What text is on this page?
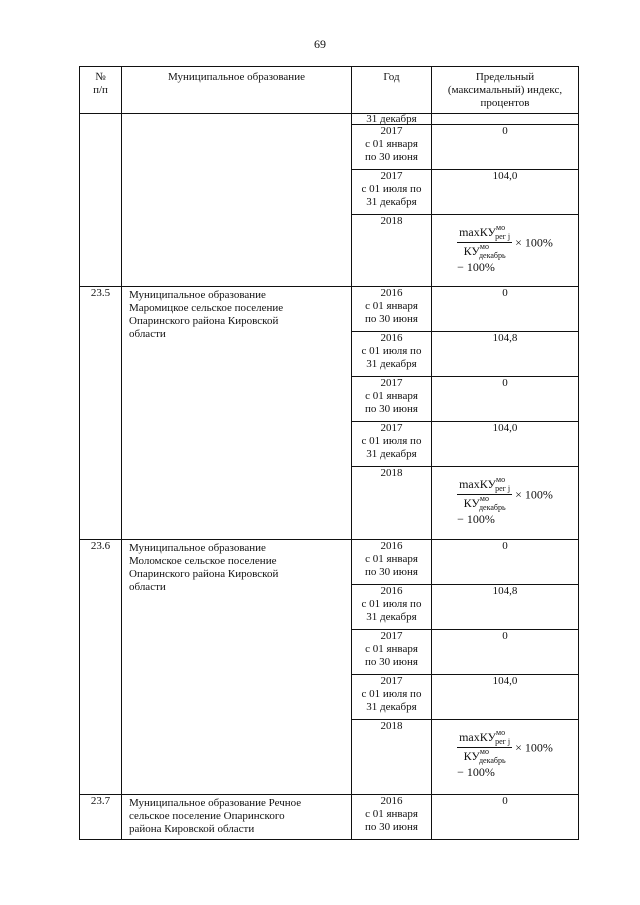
69
№ п/п	Муниципальное образование	Год	Предельный (максимальный) индекс, процентов
		31 декабря	

		2017
с 01 января
по 30 июня	0

		2017
с 01 июля по
31 декабря	104,0
		2018	$\frac{\max КУ^{мо}_{рег j}}{КУ^{мо}_{декабрь}} \times 100\%$
− 100%
23.5	Муниципальное образование
Маромицкое сельское поселение
Опаринского района Кировской
области	2016
с 01 января
по 30 июня	0

		2016
с 01 июля по
31 декабря	104,8

		2017
с 01 января
по 30 июня	0

		2017
с 01 июля по
31 декабря	104,0
		2018	$\frac{\max КУ^{мо}_{рег j}}{КУ^{мо}_{декабрь}} \times 100\%$
− 100%
23.6	Муниципальное образование
Моломское сельское поселение
Опаринского района Кировской
области	2016
с 01 января
по 30 июня	0

		2016
с 01 июля по
31 декабря	104,8

		2017
с 01 января
по 30 июня	0

		2017
с 01 июля по
31 декабря	104,0
		2018	$\frac{\max КУ^{мо}_{рег j}}{КУ^{мо}_{декабрь}} \times 100\%$
− 100%
23.7	Муниципальное образование Речное
сельское поселение Опаринского
района Кировской области	2016
с 01 января
по 30 июня	0
